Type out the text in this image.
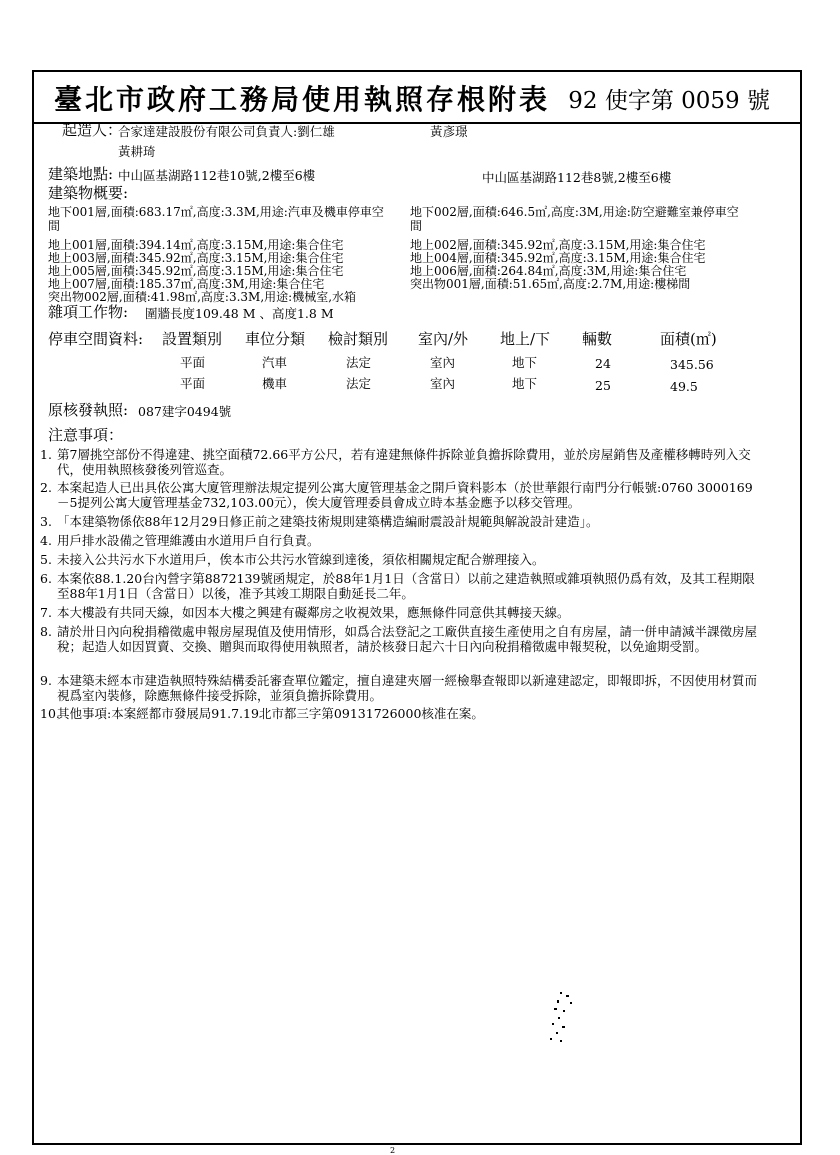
臺北市政府工務局使用執照存根附表 92 使字第 0059 號
起造人：
合家達建設股份有限公司負責人:劉仁雄	黃彥璟
黃耕琦
建築地點: 中山區基湖路112巷10號,2樓至6樓	中山區基湖路112巷8號,2樓至6樓
建築物概要:
地下001層,面積:683.17㎡,高度:3.3M,用途:汽車及機車停車空 地下002層,面積:646.5㎡,高度:3M,用途:防空避難室兼停車空
間	間
地上001層,面積:394.14㎡,高度:3.15M,用途:集合住宅	地上002層,面積:345.92㎡,高度:3.15M,用途:集合住宅
地上003層,面積:345.92㎡,高度:3.15M,用途:集合住宅	地上004層,面積:345.92㎡,高度:3.15M,用途:集合住宅
地上005層,面積:345.92㎡,高度:3.15M,用途:集合住宅	地上006層,面積:264.84㎡,高度:3M,用途:集合住宅
地上007層,面積:185.37㎡,高度:3M,用途:集合住宅	突出物001層,面積:51.65㎡,高度:2.7M,用途:樓梯間
突出物002層,面積:41.98㎡,高度:3.3M,用途:機械室,水箱
雜項工作物: 圍牆長度109.48 M 、高度1.8 M
停車空間資料: 設置類別 車位分類 檢討類別 室內/外 地上/下 輛數	面積(㎡)
平面	汽車	法定	室內	地下	24	345.56
平面	機車	法定	室內	地下	25	49.5
原核發執照: 087建字0494號
注意事項：
1. 第7層挑空部份不得違建、挑空面積72.66平方公尺，若有違建無條件拆除並負擔拆除費用，並於房屋銷售及產權移轉時列入交代，使用執照核發後列管巡查。
2. 本案起造人已出具依公寓大廈管理辦法規定提列公寓大廈管理基金之開戶資料影本（於世華銀行南門分行帳號:0760 3000169－5提列公寓大廈管理基金732,103.00元），俟大廈管理委員會成立時本基金應予以移交管理。
3. 「本建築物係依88年12月29日修正前之建築技術規則建築構造編耐震設計規範與解說設計建造」。
4. 用戶排水設備之管理維護由水道用戶自行負責。
5. 未接入公共污水下水道用戶，俟本市公共污水管線到達後，須依相關規定配合辦理接入。
6. 本案依88.1.20台內營字第8872139號函規定，於88年1月1日（含當日）以前之建造執照或雜項執照仍爲有效，及其工程期限至88年1月1日（含當日）以後，准予其竣工期限自動延長二年。
7. 本大樓設有共同天線，如因本大樓之興建有礙鄰房之收視效果，應無條件同意供其轉接天線。
8. 請於卅日內向稅捐稽徵處申報房屋現值及使用情形，如爲合法登記之工廠供直接生產使用之自有房屋，請一併申請減半課徵房屋稅；起造人如因買賣、交換、贈與而取得使用執照者，請於核發日起六十日內向稅捐稽徵處申報契稅，以免逾期受罰。
9. 本建築未經本市建造執照特殊結構委託審查單位鑑定，擅自違建夾層一經檢舉查報即以新違建認定，即報即拆，不因使用材質而視爲室內裝修，除應無條件接受拆除，並須負擔拆除費用。
10.
其他事項:本案經都市發展局91.7.19北市都三字第09131726000核准在案。
2
